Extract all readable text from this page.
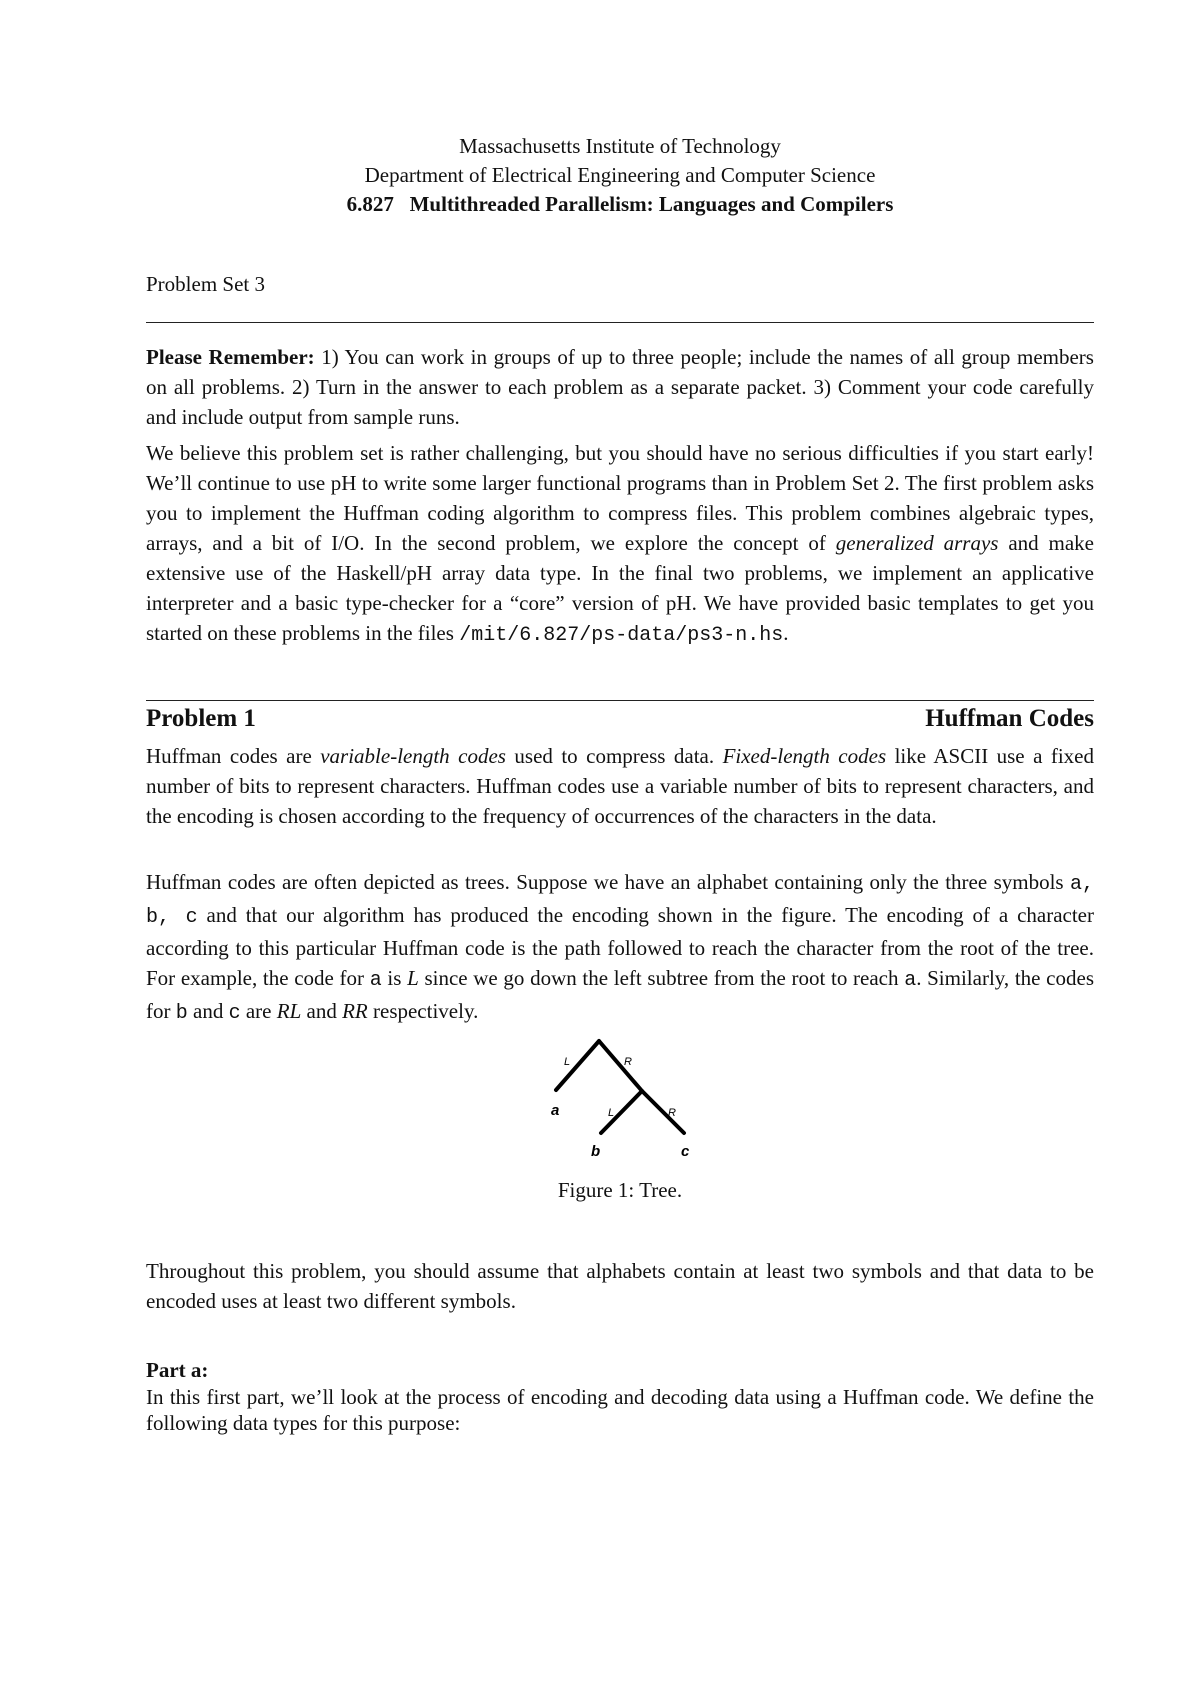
Massachusetts Institute of Technology
Department of Electrical Engineering and Computer Science
6.827   Multithreaded Parallelism: Languages and Compilers
Problem Set 3

Please Remember: 1) You can work in groups of up to three people; include the names of all group members on all problems. 2) Turn in the answer to each problem as a separate packet. 3) Comment your code carefully and include output from sample runs.

We believe this problem set is rather challenging, but you should have no serious difficulties if you start early! We’ll continue to use pH to write some larger functional programs than in Problem Set 2. The first problem asks you to implement the Huffman coding algorithm to compress files. This problem combines algebraic types, arrays, and a bit of I/O. In the second problem, we explore the concept of generalized arrays and make extensive use of the Haskell/pH array data type. In the final two problems, we implement an applicative interpreter and a basic type-checker for a “core” version of pH. We have provided basic templates to get you started on these problems in the files /mit/6.827/ps-data/ps3-n.hs.

Problem 1	Huffman Codes

Huffman codes are variable-length codes used to compress data. Fixed-length codes like ASCII use a fixed number of bits to represent characters. Huffman codes use a variable number of bits to represent characters, and the encoding is chosen according to the frequency of occurrences of the characters in the data.

Huffman codes are often depicted as trees. Suppose we have an alphabet containing only the three symbols a, b, c and that our algorithm has produced the encoding shown in the figure. The encoding of a character according to this particular Huffman code is the path followed to reach the character from the root of the tree. For example, the code for a is L since we go down the left subtree from the root to reach a. Similarly, the codes for b and c are RL and RR respectively.

L	R
L	R
a
b	c
Figure 1: Tree.

Throughout this problem, you should assume that alphabets contain at least two symbols and that data to be encoded uses at least two different symbols.

Part a:

In this first part, we’ll look at the process of encoding and decoding data using a Huffman code. We define the following data types for this purpose:
